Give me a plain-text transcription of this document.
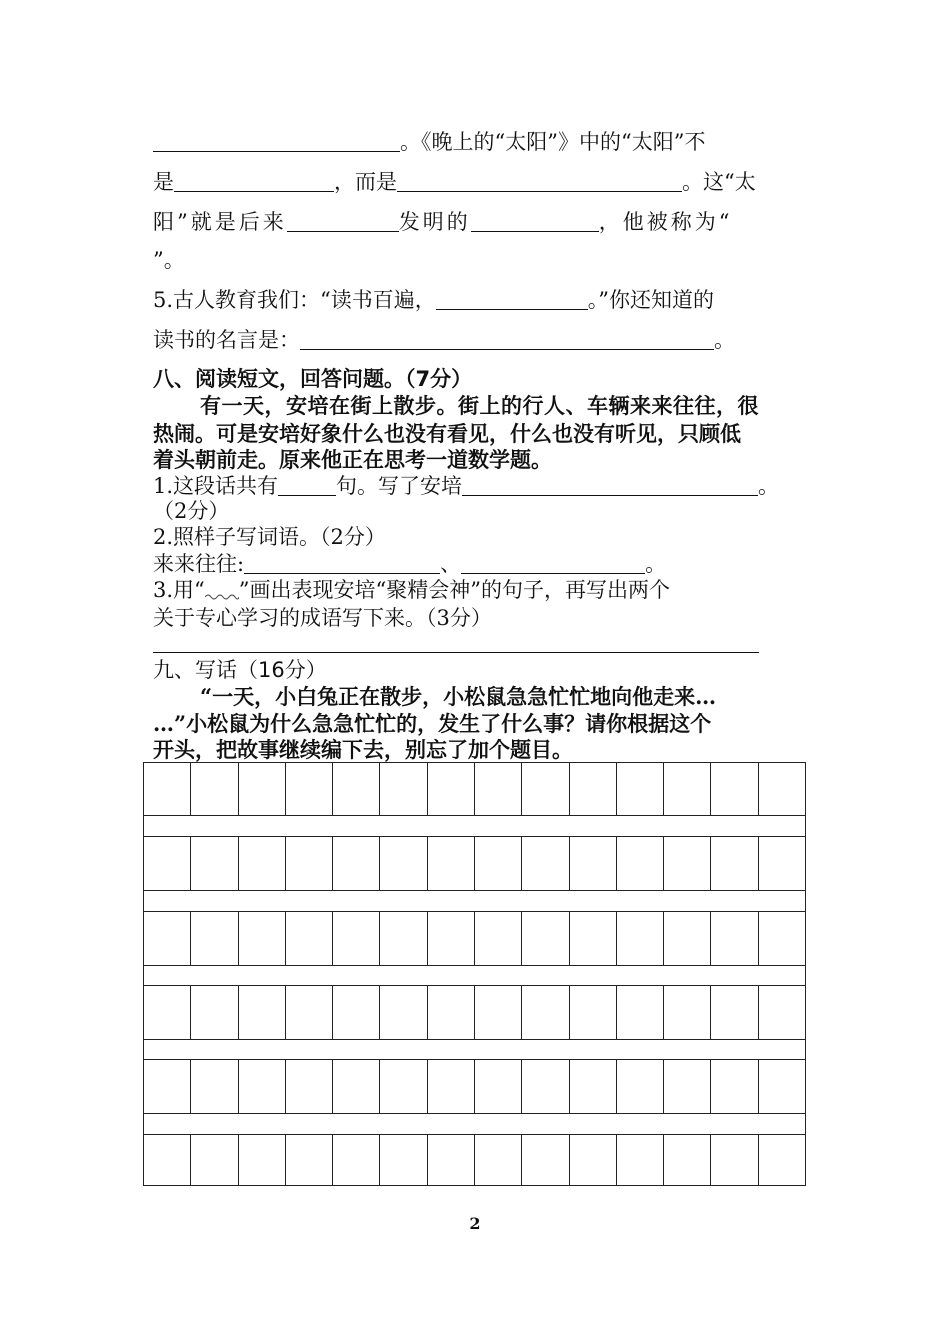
。《晚上的“太阳”》中的“太阳”不
是	，而是	。这“太
阳”就是后来	发明的	，他被称为“
”。
5.古人教育我们：“读书百遍，	。”你还知道的
读书的名言是：	。
八、阅读短文，回答问题。（7分）
有一天，安培在街上散步。街上的行人、车辆来来往往，很
热闹。可是安培好象什么也没有看见，什么也没有听见，只顾低
着头朝前走。原来他正在思考一道数学题。
1.这段话共有	句。写了安培	。
（2分）
2.照样子写词语。（2分）
来来往往:	、	。
3.用“ ”画出表现安培“聚精会神”的句子，再写出两个
关于专心学习的成语写下来。（3分）
九、写话（16分）
“一天，小白兔正在散步，小松鼠急急忙忙地向他走来…
…”小松鼠为什么急急忙忙的，发生了什么事？请你根据这个
开头，把故事继续编下去，别忘了加个题目。
2
